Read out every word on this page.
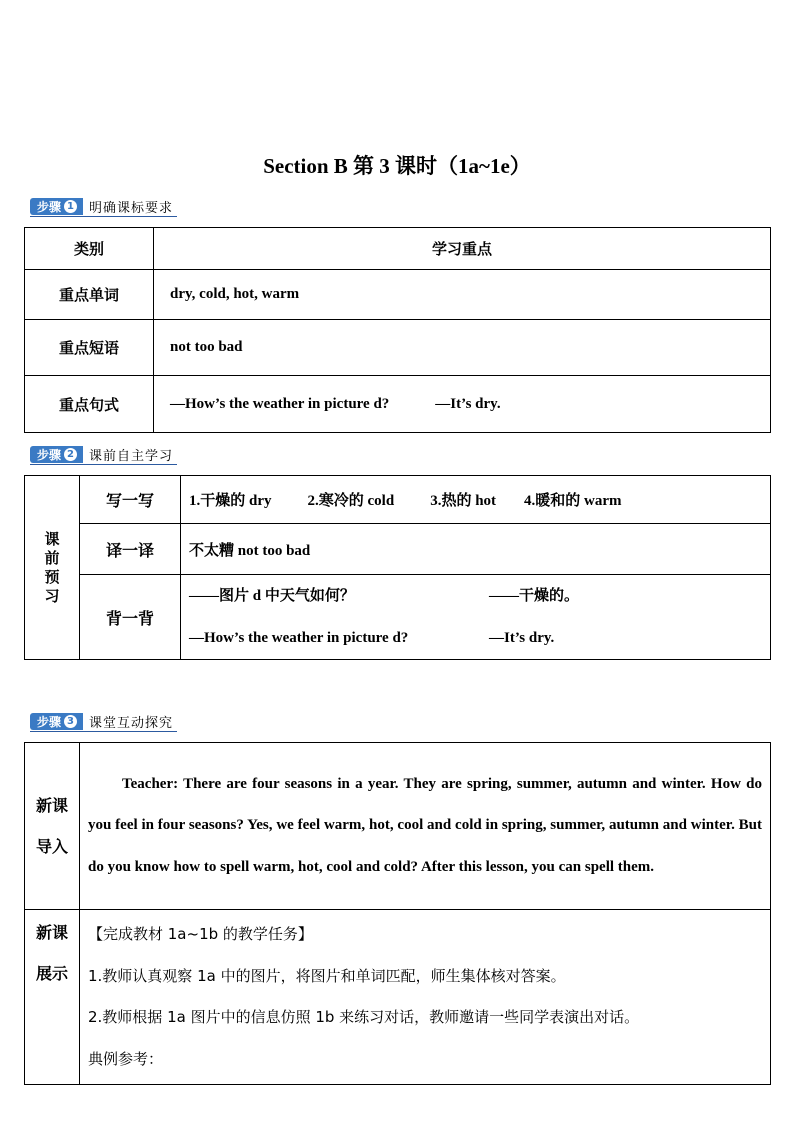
Section B 第 3 课时（1a~1e）
步骤 1 明确课标要求
类别	学习重点
重点单词	dry, cold, hot, warm
重点短语	not too bad
重点句式	—How’s the weather in picture d? —It’s dry.
步骤 2 课前自主学习
课前预习	写一写	1.干燥的 dry 2.寒冷的 cold 3.热的 hot 4.暖和的 warm
	译一译	不太糟 not too bad
	背一背	——图片 d 中天气如何？ ——干燥的。
—How’s the weather in picture d? —It’s dry.
步骤 3 课堂互动探究
新课导入	Teacher: There are four seasons in a year. They are spring, summer, autumn and winter. How do you feel in four seasons? Yes, we feel warm, hot, cool and cold in spring, summer, autumn and winter. But do you know how to spell warm, hot, cool and cold? After this lesson, you can spell them.

新课展示	【完成教材 1a~1b 的教学任务】
1.教师认真观察 1a 中的图片，将图片和单词匹配，师生集体核对答案。
2.教师根据 1a 图片中的信息仿照 1b 来练习对话，教师邀请一些同学表演出对话。
典例参考：
